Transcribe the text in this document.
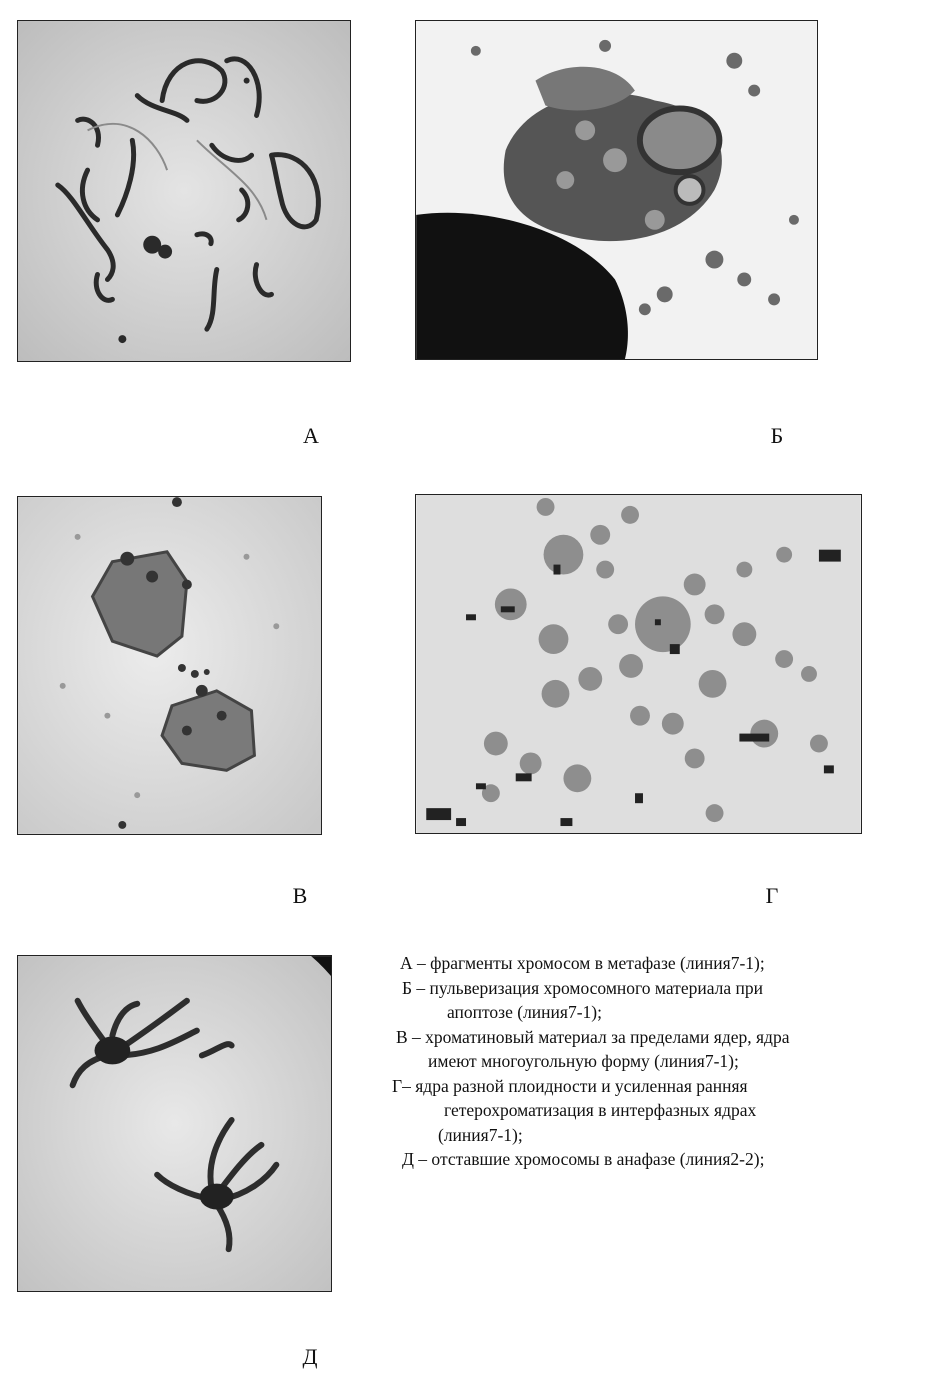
А	Б
В	Г
Д
А – фрагменты хромосом в метафазе (линия7-1);
Б – пульверизация хромосомного материала при
апоптозе (линия7-1);
В – хроматиновый материал за пределами ядер, ядра
имеют многоугольную форму (линия7-1);
Г– ядра разной плоидности и усиленная ранняя
гетерохроматизация в интерфазных ядрах
(линия7-1);
Д – отставшие хромосомы в анафазе (линия2-2);
